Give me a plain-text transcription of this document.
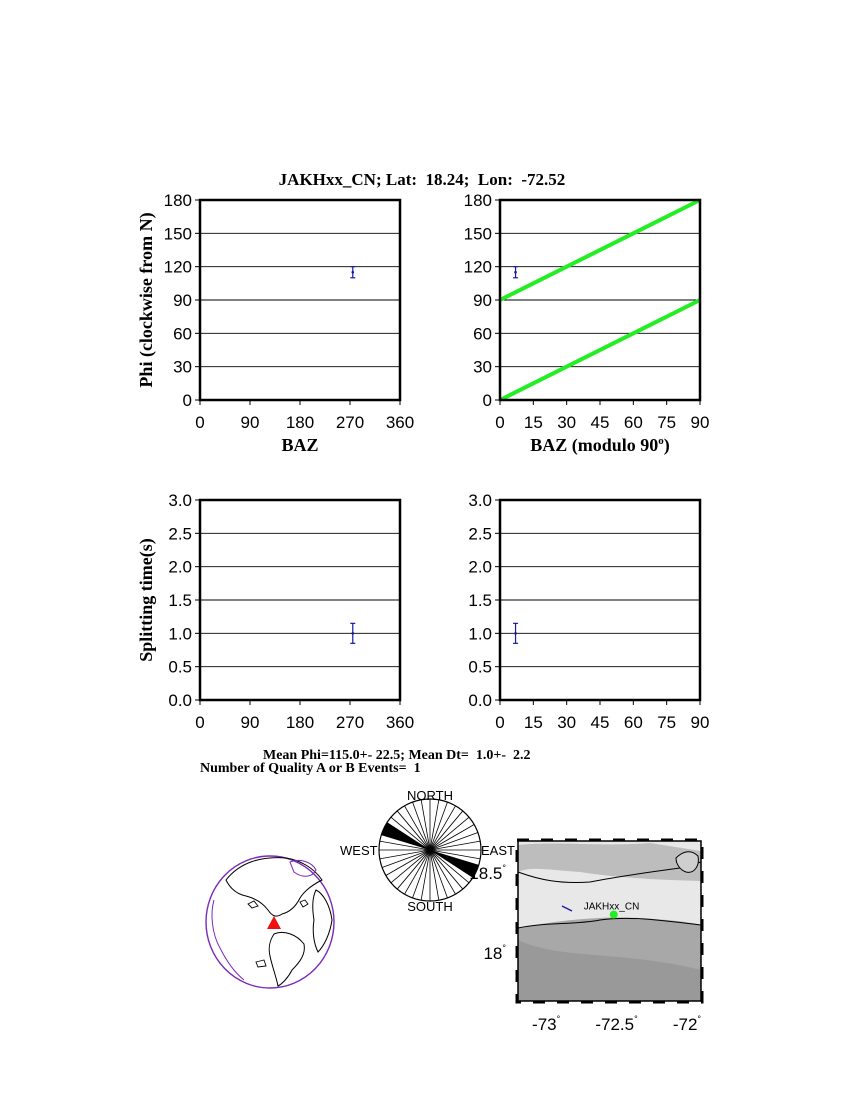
JAKHxx_CN; Lat:  18.24;  Lon:  -72.52
0
30
60
90
120
150
180
0 90 180 270 360
0
30
60
90
120
150
180
0 15 30 45 60 75 90
0.0
0.5
1.0
1.5
2.0
2.5
3.0
0 90 180 270 360
0.0
0.5
1.0
1.5
2.0
2.5
3.0
0 15 30 45 60 75 90
Phi (clockwise from N)
BAZ	BAZ (modulo 90$^o$)
Splitting time(s)
Mean Phi=115.0+- 22.5; Mean Dt=  1.0+-  2.2
Number of Quality A or B Events=  1
NORTH
SOUTH
WEST	EAST
JAKHxx_CN
-73° -72.5° -72°
18.5°
18°
